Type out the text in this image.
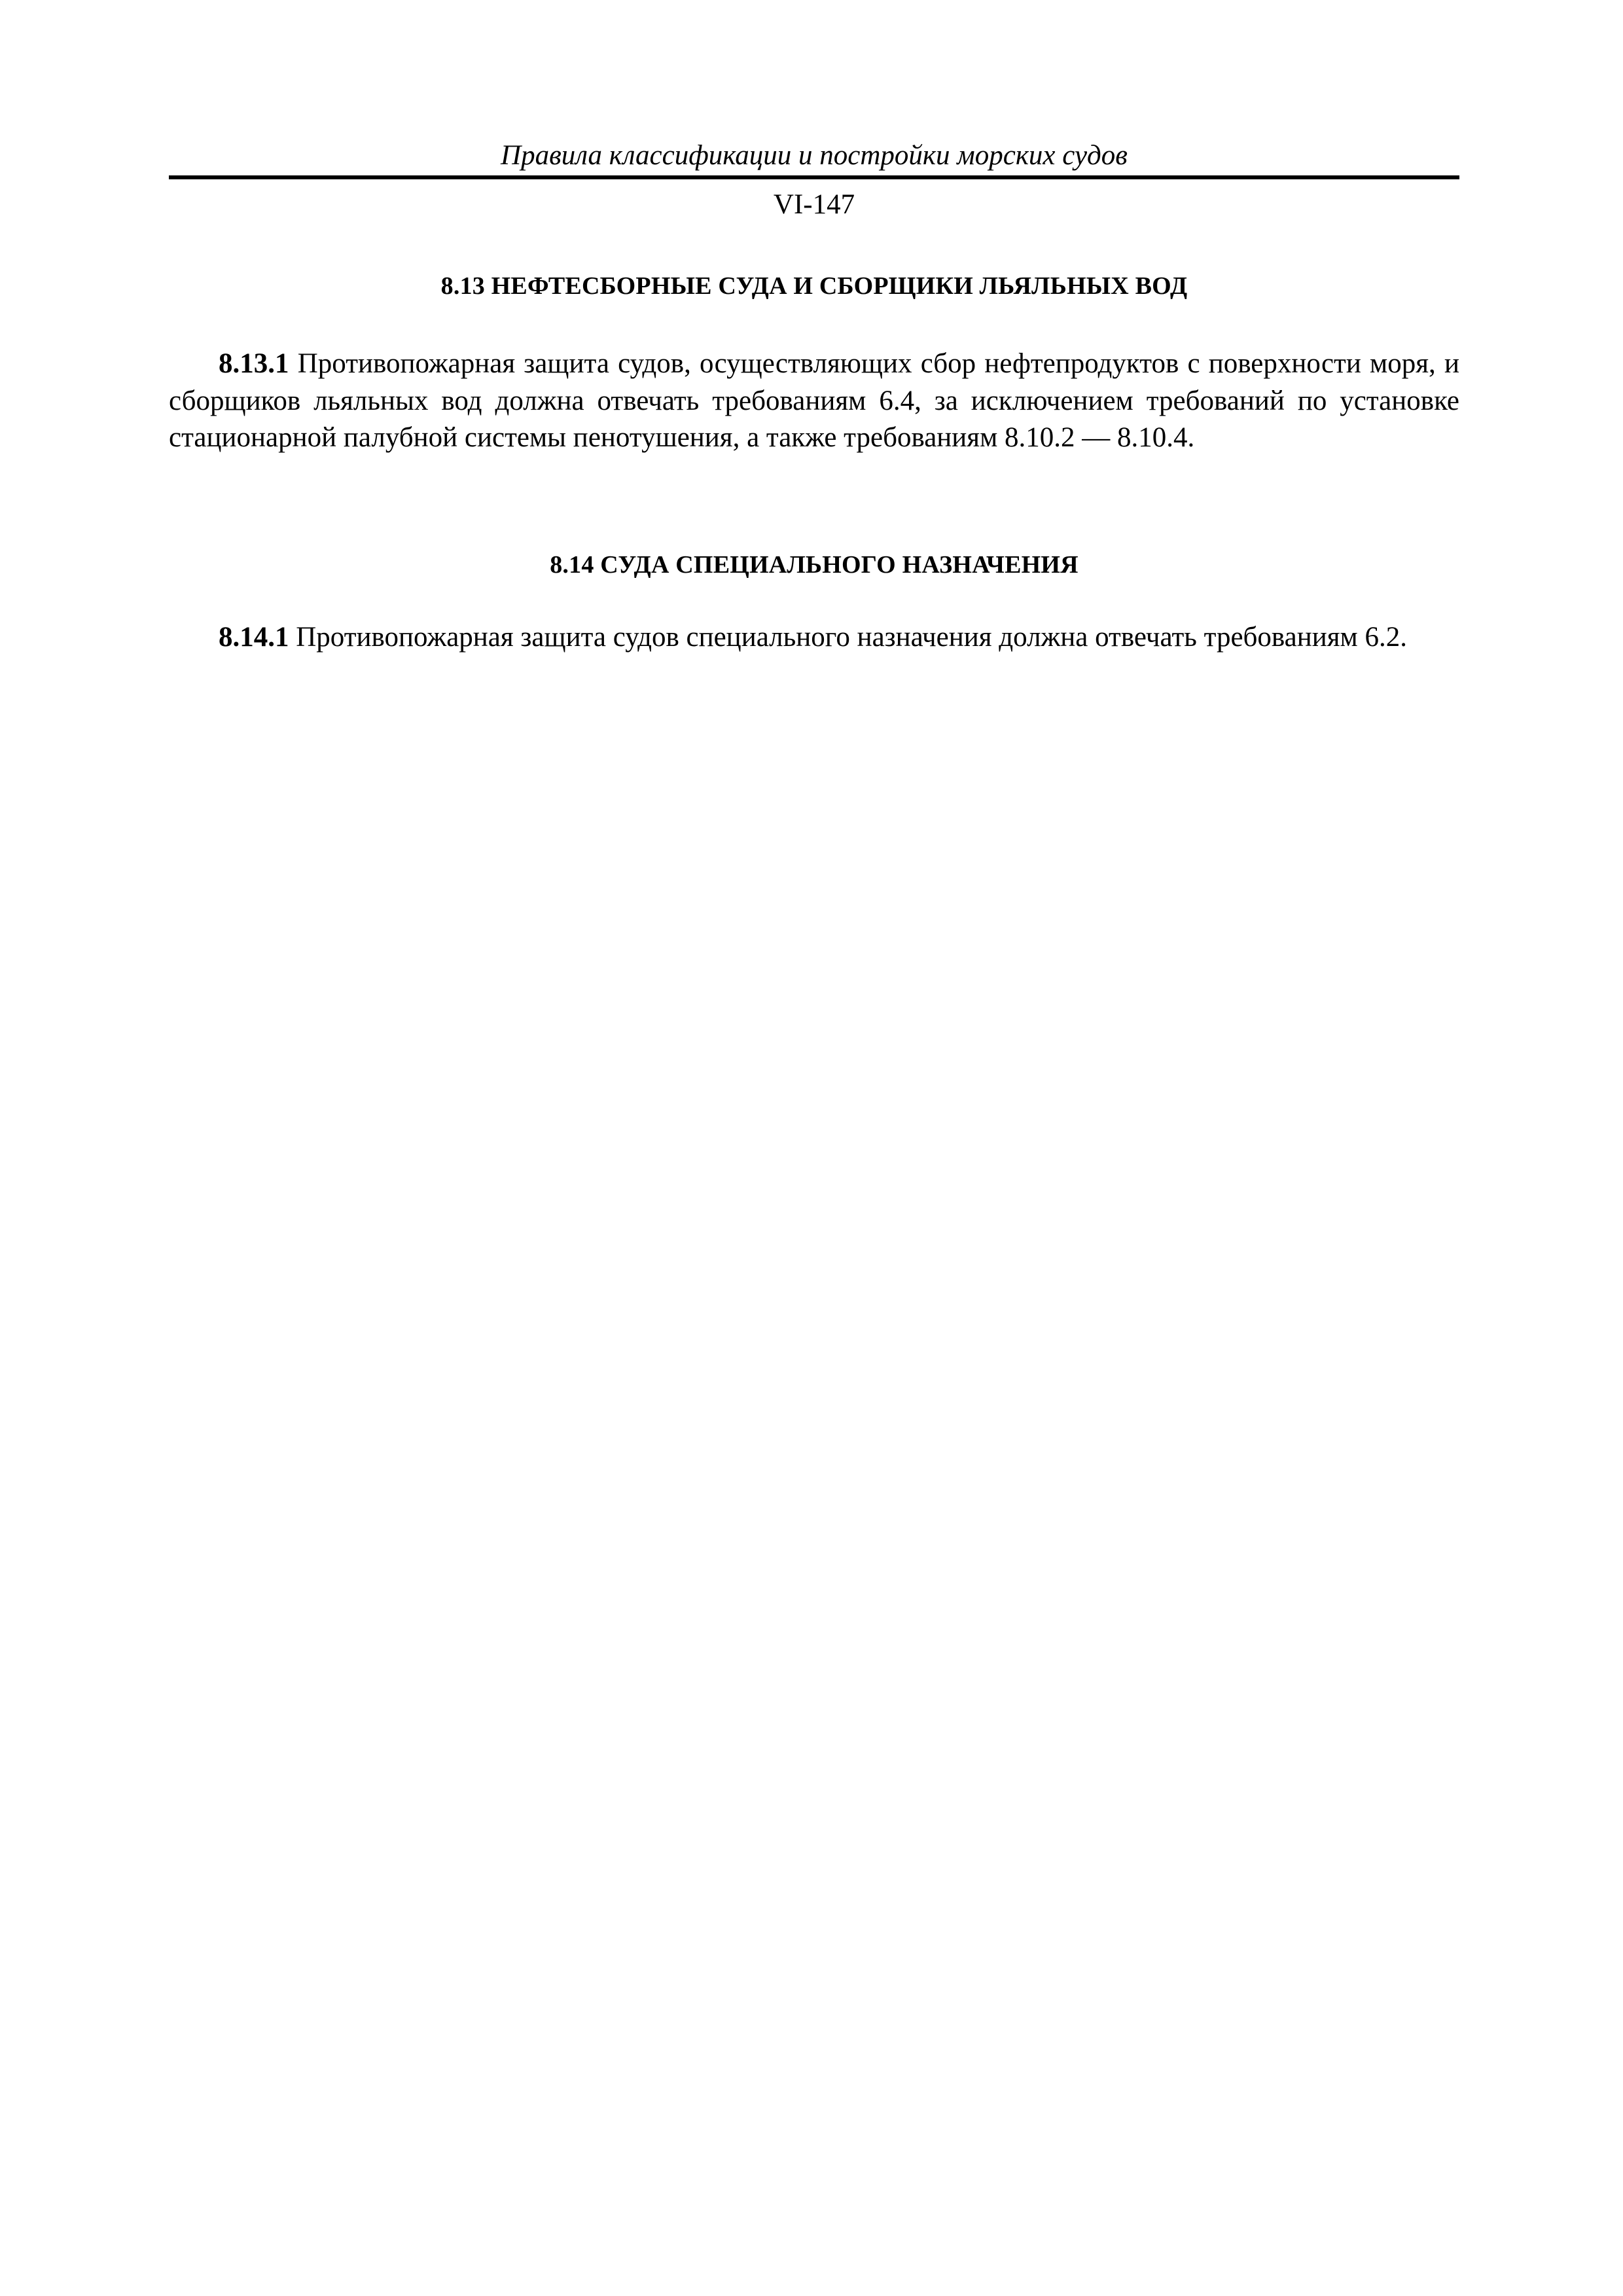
Правила классификации и постройки морских судов
VI-147
8.13 НЕФТЕСБОРНЫЕ СУДА И СБОРЩИКИ ЛЬЯЛЬНЫХ ВОД

8.13.1 Противопожарная защита судов, осуществляющих сбор нефтепродуктов с поверхности моря, и сборщиков льяльных вод должна отвечать требованиям 6.4, за исключением требований по установке стационарной палубной системы пенотушения, а также требованиям 8.10.2 — 8.10.4.

8.14 СУДА СПЕЦИАЛЬНОГО НАЗНАЧЕНИЯ

8.14.1 Противопожарная защита судов специального назначения должна отвечать требованиям 6.2.
